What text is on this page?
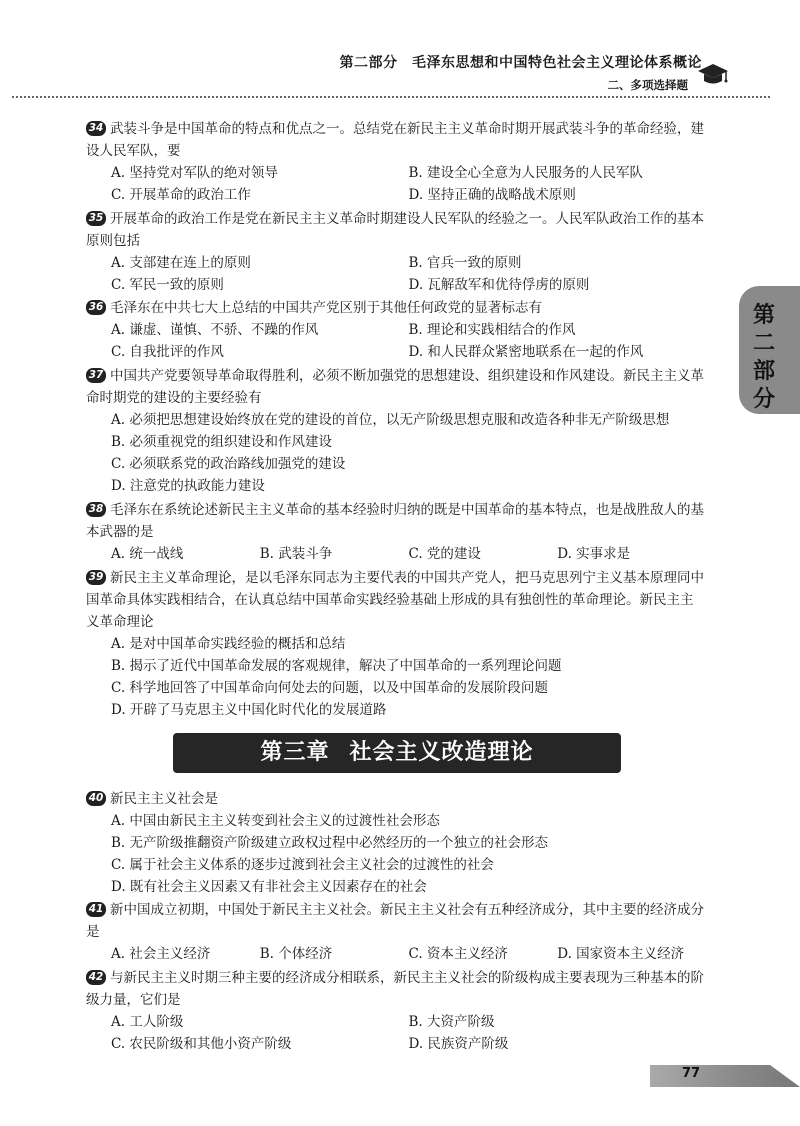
第二部分　毛泽东思想和中国特色社会主义理论体系概论
二、多项选择题
第二部分
34 武装斗争是中国革命的特点和优点之一。总结党在新民主主义革命时期开展武装斗争的革命经验，建设人民军队，要
A. 坚持党对军队的绝对领导	B. 建设全心全意为人民服务的人民军队
C. 开展革命的政治工作	D. 坚持正确的战略战术原则
35 开展革命的政治工作是党在新民主主义革命时期建设人民军队的经验之一。人民军队政治工作的基本原则包括
A. 支部建在连上的原则	B. 官兵一致的原则
C. 军民一致的原则	D. 瓦解敌军和优待俘虏的原则
36 毛泽东在中共七大上总结的中国共产党区别于其他任何政党的显著标志有
A. 谦虚、谨慎、不骄、不躁的作风	B. 理论和实践相结合的作风
C. 自我批评的作风	D. 和人民群众紧密地联系在一起的作风
37 中国共产党要领导革命取得胜利，必须不断加强党的思想建设、组织建设和作风建设。新民主主义革命时期党的建设的主要经验有
A. 必须把思想建设始终放在党的建设的首位，以无产阶级思想克服和改造各种非无产阶级思想
B. 必须重视党的组织建设和作风建设
C. 必须联系党的政治路线加强党的建设
D. 注意党的执政能力建设
38 毛泽东在系统论述新民主主义革命的基本经验时归纳的既是中国革命的基本特点，也是战胜敌人的基本武器的是
A. 统一战线	B. 武装斗争	C. 党的建设	D. 实事求是
39 新民主主义革命理论，是以毛泽东同志为主要代表的中国共产党人，把马克思列宁主义基本原理同中国革命具体实践相结合，在认真总结中国革命实践经验基础上形成的具有独创性的革命理论。新民主主义革命理论
A. 是对中国革命实践经验的概括和总结
B. 揭示了近代中国革命发展的客观规律，解决了中国革命的一系列理论问题
C. 科学地回答了中国革命向何处去的问题，以及中国革命的发展阶段问题
D. 开辟了马克思主义中国化时代化的发展道路
第三章 社会主义改造理论
40 新民主主义社会是
A. 中国由新民主主义转变到社会主义的过渡性社会形态
B. 无产阶级推翻资产阶级建立政权过程中必然经历的一个独立的社会形态
C. 属于社会主义体系的逐步过渡到社会主义社会的过渡性的社会
D. 既有社会主义因素又有非社会主义因素存在的社会
41 新中国成立初期，中国处于新民主主义社会。新民主主义社会有五种经济成分，其中主要的经济成分是
A. 社会主义经济	B. 个体经济	C. 资本主义经济	D. 国家资本主义经济
42 与新民主主义时期三种主要的经济成分相联系，新民主主义社会的阶级构成主要表现为三种基本的阶级力量，它们是
A. 工人阶级	B. 大资产阶级
C. 农民阶级和其他小资产阶级	D. 民族资产阶级
77
